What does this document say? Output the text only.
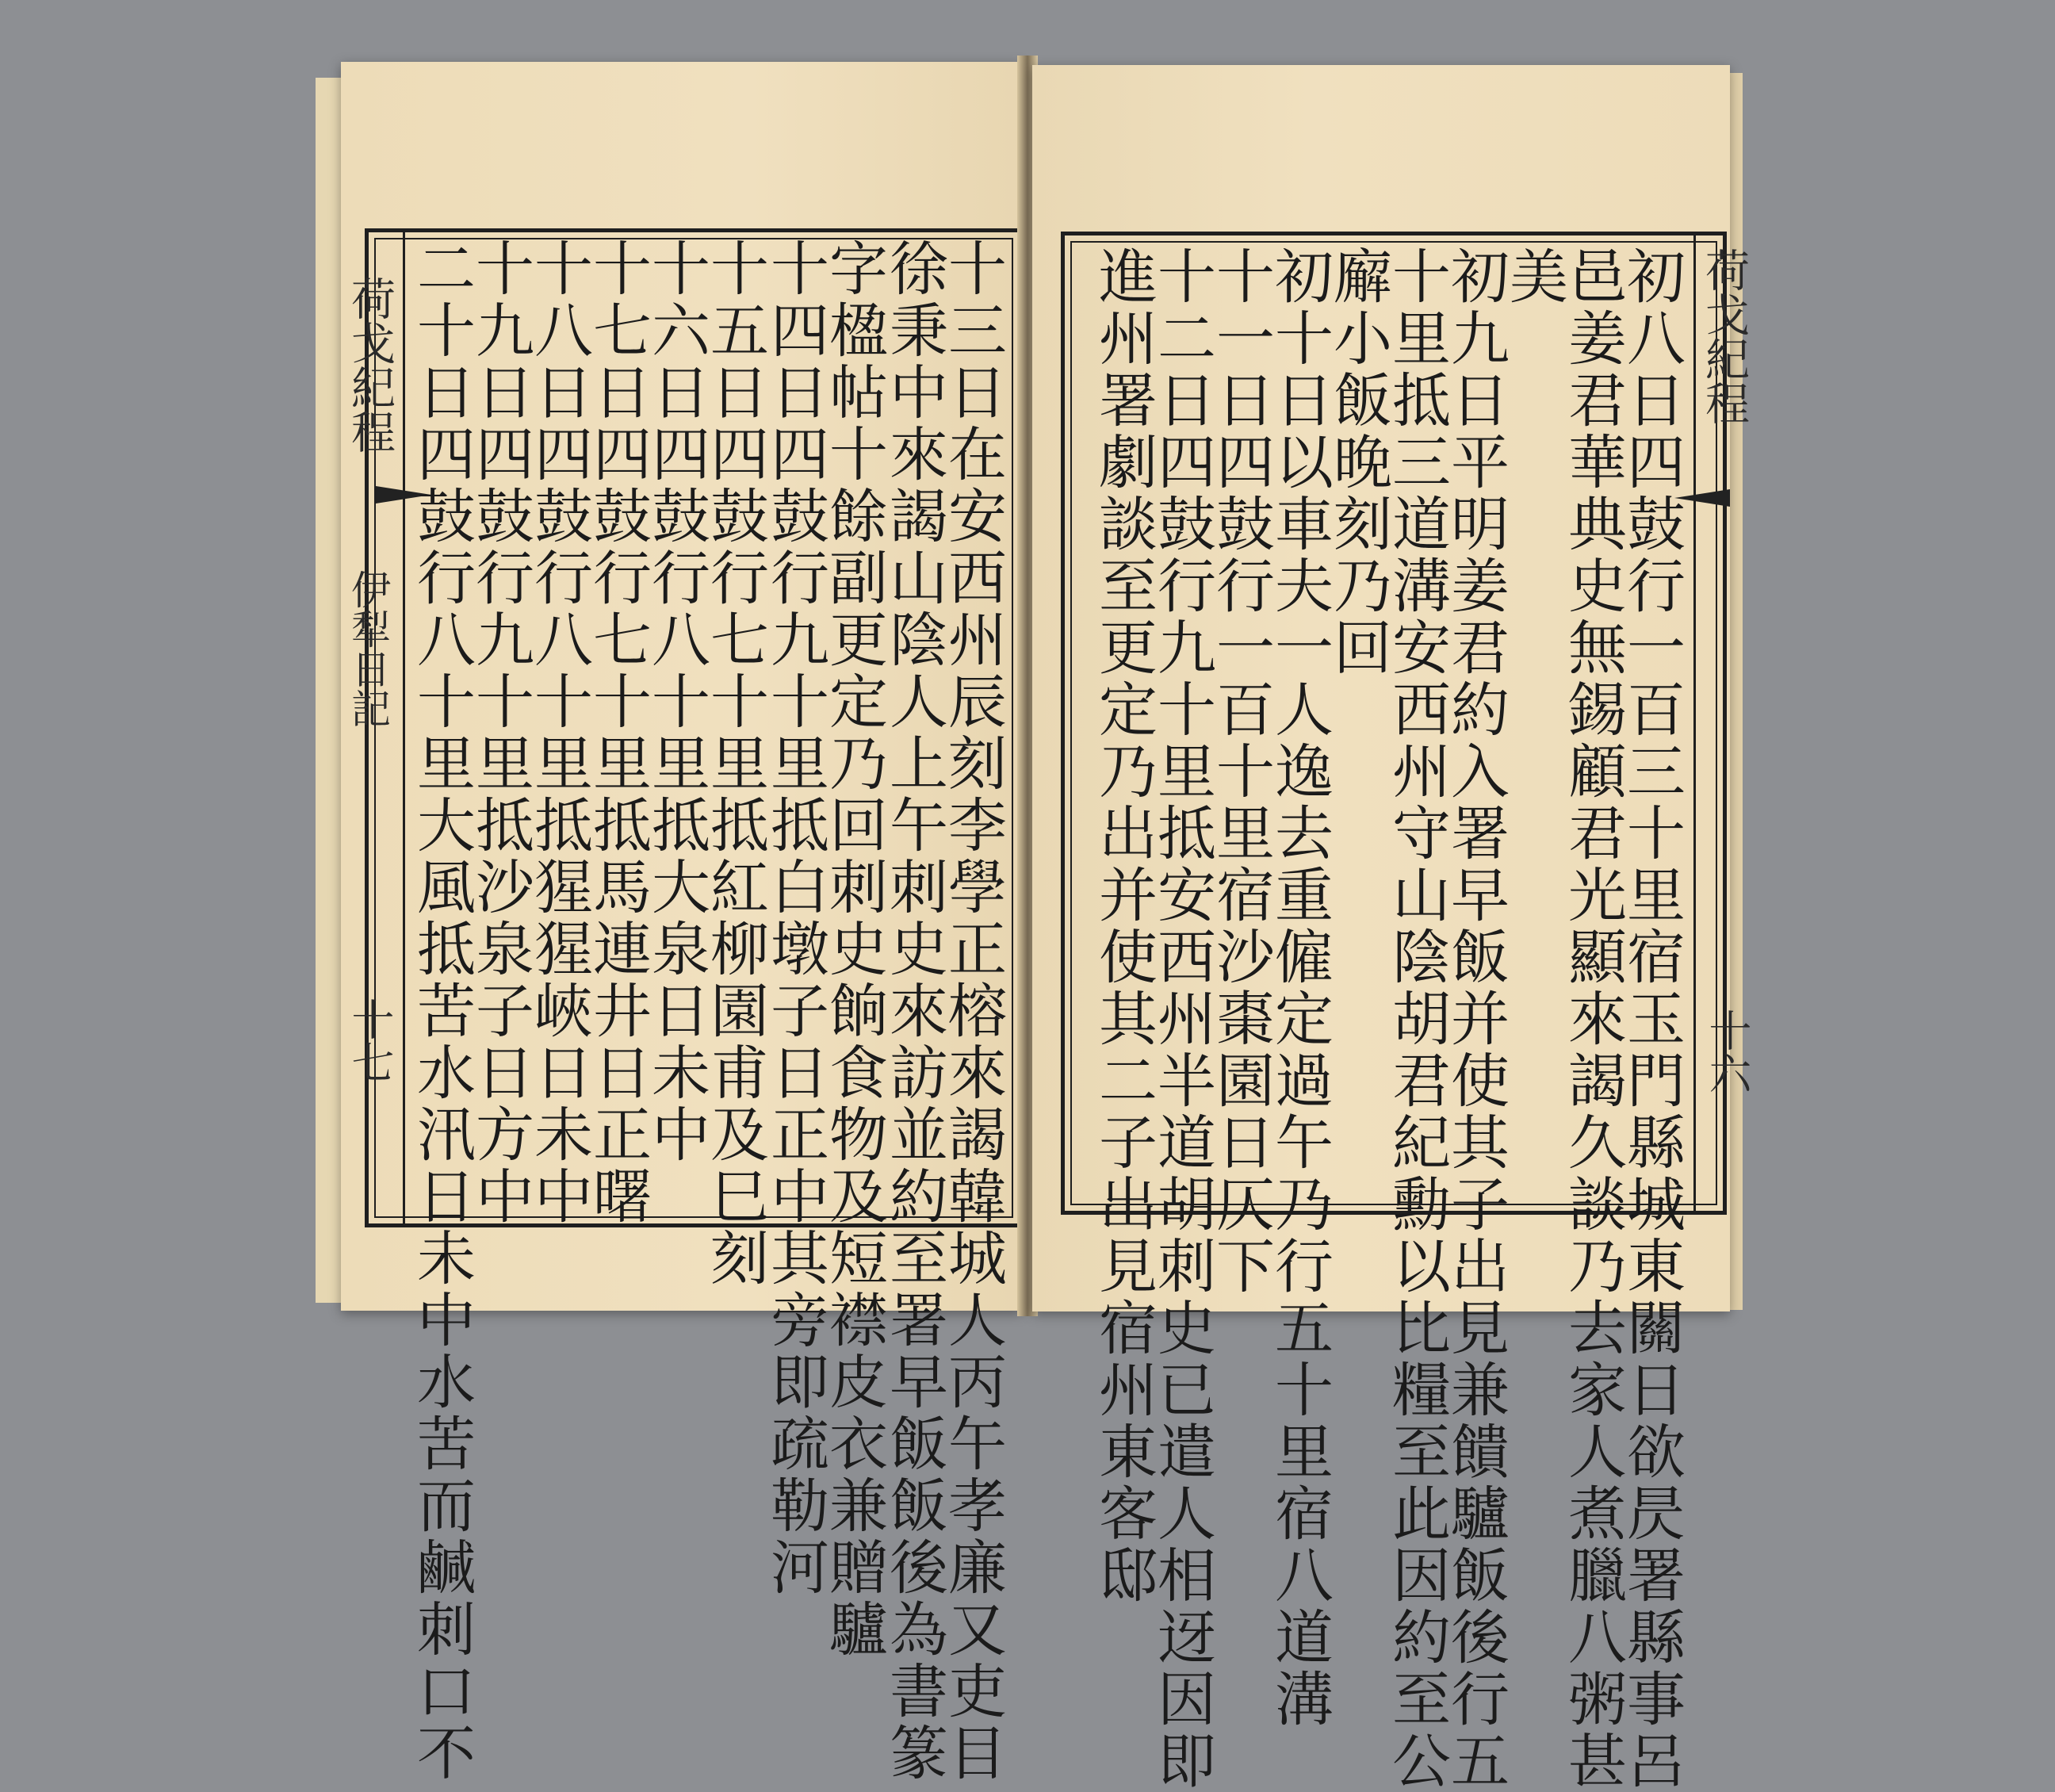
荷戈紀程
伊犁日記
十七	十三日在安西州辰刻李學正榕來謁韓城人丙午孝廉又吏目
徐秉中來謁山陰人上午刺史來訪並約至署早飯飯後為書篆
字楹帖十餘副更定乃回刺史餉食物及短襟皮衣兼贈驢
十四日四鼓行九十里抵白墩子日正中其旁即疏勒河
十五日四鼓行七十里抵紅柳園甫及巳刻
十六日四鼓行八十里抵大泉日未中
十七日四鼓行七十里抵馬連井日正曙
十八日四鼓行八十里抵猩猩峽日未中
十九日四鼓行九十里抵沙泉子日方中
二十日四鼓行八十里大風抵苦水汛日未中水苦而鹹刺口不	荷戈紀程
十六
初八日四鼓行一百三十里宿玉門縣城東關日欲昃署縣事呂
邑姜君華典史無錫顧君光顯來謁久談乃去家人煮臘八粥甚
美
初九日平明姜君約入署早飯并使其子出見兼饋驢飯後行五
十里抵三道溝安西州守山陰胡君紀勳以比糧至此因約至公
廨小飯晚刻乃回
初十日以車夫一人逸去重僱定過午乃行五十里宿八道溝
十一日四鼓行一百十里宿沙棗園日仄下
十二日四鼓行九十里抵安西州半道胡刺史已遣人相迓因即
進州署劇談至更定乃出并使其二子出見宿州東客邸
